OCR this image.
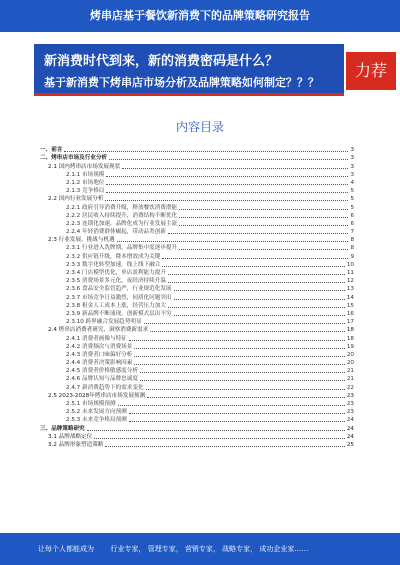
烤串店基于餐饮新消费下的品牌策略研究报告
新消费时代到来，新的消费密码是什么？
基于新消费下烤串店市场分析及品牌策略如何制定？？？
力荐
内容目录
一、前言	3
二、烤串店市场及行业分析	3
2.1 国内烤串店市场发展现状	3
2.1.1 市场规模	3
2.1.2 市场地位	4
2.1.3 竞争格局	5
2.2 国内行业发展分析	5
2.2.1 政府引导消费升级，释放餐饮消费潜能	5
2.2.2 居民收入持续提升，消费结构不断优化	6
2.2.3 连锁化加速，品牌化成为行业发展主流	6
2.2.4 年轻消费群体崛起，带动品类创新	7
2.3 行业发展、挑战与机遇	8
2.3.1 行业进入洗牌期，品牌集中度逐步提升	8
2.3.2 供应链升级，降本增效成为关键	9
2.3.3 数字化转型加速，线上线下融合	10
2.3.4 门店模型优化，单店盈利能力提升	11
2.3.5 消费场景多元化，夜经济持续升温	12
2.3.6 食品安全监管趋严，行业规范化发展	13
2.3.7 市场竞争日益激烈，同质化问题突出	14
2.3.8 租金人工成本上涨，经营压力加大	15
2.3.9 新品牌不断涌现，创新模式层出不穷	16
2.3.10 跨界融合发展趋势明显	17
2.4 烤串店消费者研究，洞察消费新需求	18
2.4.1 消费者画像与特征	18
2.4.2 消费频次与消费场景	19
2.4.3 消费者口味偏好分析	20
2.4.4 消费者决策影响因素	20
2.4.5 消费者价格敏感度分析	21
2.4.6 品牌认知与品牌忠诚度	21
2.4.7 新消费趋势下的需求变化	22
2.5 2023-2028年烤串店市场发展预测	23
2.5.1 市场规模预测	23
2.5.2 未来发展方向预测	23
2.5.3 未来竞争格局预测	24
三、品牌策略研究	24
3.1 品牌战略定位	24
3.2 品牌形象塑造策略	25
让每个人都能成为 行业专家， 管理专家， 营销专家， 战略专家， 成功企业家……
